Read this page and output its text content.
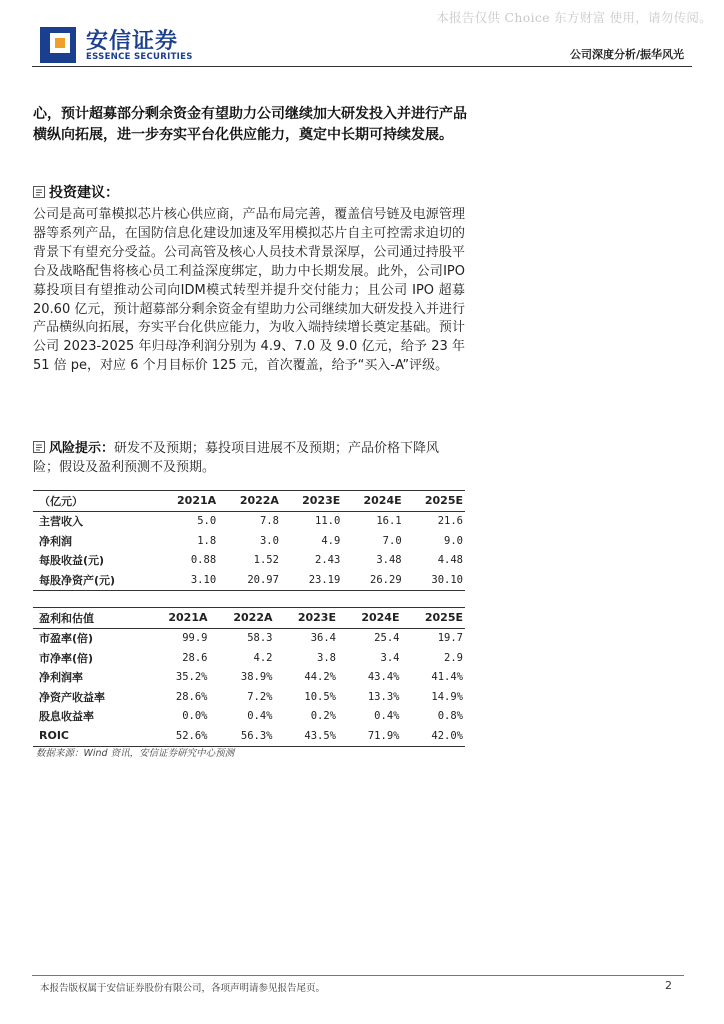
本报告仅供 Choice 东方财富 使用，请勿传阅。
安信证券
ESSENCE SECURITIES	公司深度分析/振华风光
心，预计超募部分剩余资金有望助力公司继续加大研发投入并进行产品横纵向拓展，进一步夯实平台化供应能力，奠定中长期可持续发展。
投资建议：
公司是高可靠模拟芯片核心供应商，产品布局完善，覆盖信号链及电源管理器等系列产品，在国防信息化建设加速及军用模拟芯片自主可控需求迫切的背景下有望充分受益。公司高管及核心人员技术背景深厚，公司通过持股平台及战略配售将核心员工利益深度绑定，助力中长期发展。此外，公司IPO募投项目有望推动公司向IDM模式转型并提升交付能力；且公司 IPO 超募 20.60 亿元，预计超募部分剩余资金有望助力公司继续加大研发投入并进行产品横纵向拓展，夯实平台化供应能力，为收入端持续增长奠定基础。预计公司 2023-2025 年归母净利润分别为 4.9、7.0 及 9.0 亿元，给予 23 年 51 倍 pe，对应 6 个月目标价 125 元，首次覆盖，给予“买入-A”评级。
风险提示：研发不及预期；募投项目进展不及预期；产品价格下降风险；假设及盈利预测不及预期。
（亿元）	2021A	2022A	2023E	2024E	2025E
主营收入	5.0	7.8	11.0	16.1	21.6
净利润	1.8	3.0	4.9	7.0	9.0
每股收益(元)	0.88	1.52	2.43	3.48	4.48
每股净资产(元)	3.10	20.97	23.19	26.29	30.10
盈利和估值	2021A	2022A	2023E	2024E	2025E
市盈率(倍)	99.9	58.3	36.4	25.4	19.7
市净率(倍)	28.6	4.2	3.8	3.4	2.9
净利润率	35.2%	38.9%	44.2%	43.4%	41.4%
净资产收益率	28.6%	7.2%	10.5%	13.3%	14.9%
股息收益率	0.0%	0.4%	0.2%	0.4%	0.8%
ROIC	52.6%	56.3%	43.5%	71.9%	42.0%
数据来源：Wind 资讯，安信证券研究中心预测
本报告版权属于安信证券股份有限公司，各项声明请参见报告尾页。	2
